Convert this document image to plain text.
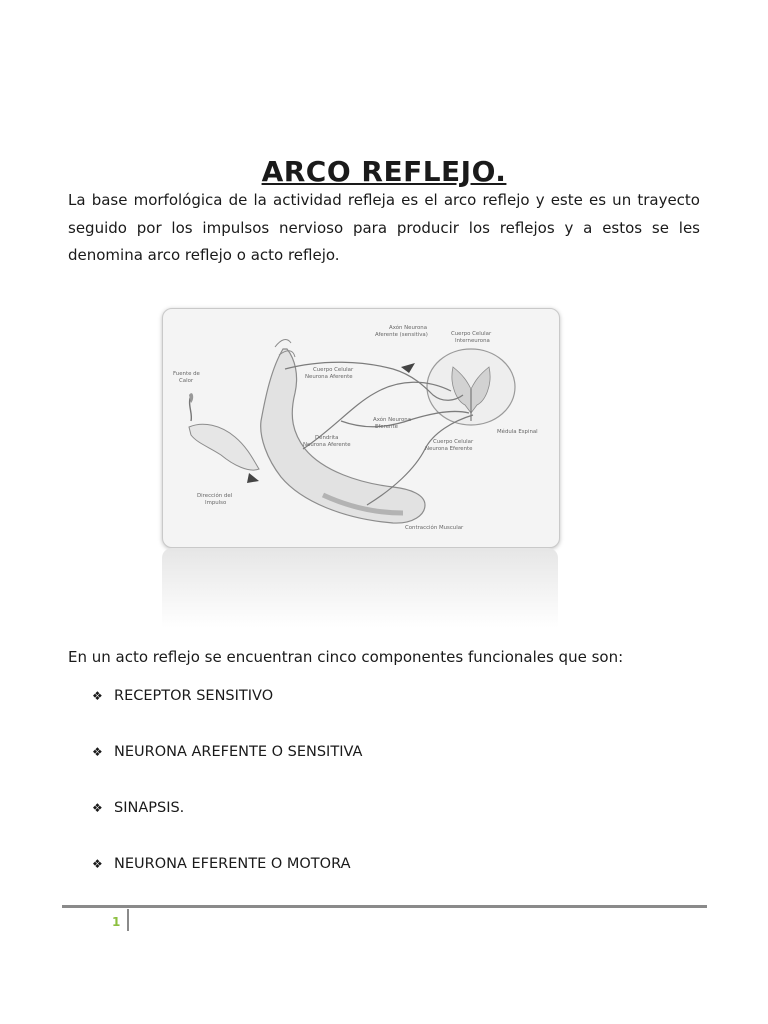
ARCO REFLEJO.

La base morfológica de la actividad refleja es el arco reflejo y este es un trayecto seguido por los impulsos nervioso para producir los reflejos y a estos se les denomina arco reflejo o acto reflejo.

Fuente de Calor
Axón Neurona Aferente (sensitiva)	Cuerpo Celular Interneurona
Cuerpo Celular Neurona Aferente
Axón Neurona Eferente
Médula Espinal
Dendrita Neurona Aferente	Cuerpo Celular Neurona Eferente
Dirección del Impulso
Contracción Muscular

En un acto reflejo se encuentran cinco componentes funcionales que son:

❖ RECEPTOR SENSITIVO
❖ NEURONA AREFENTE O SENSITIVA
❖ SINAPSIS.
❖ NEURONA EFERENTE O MOTORA
1
